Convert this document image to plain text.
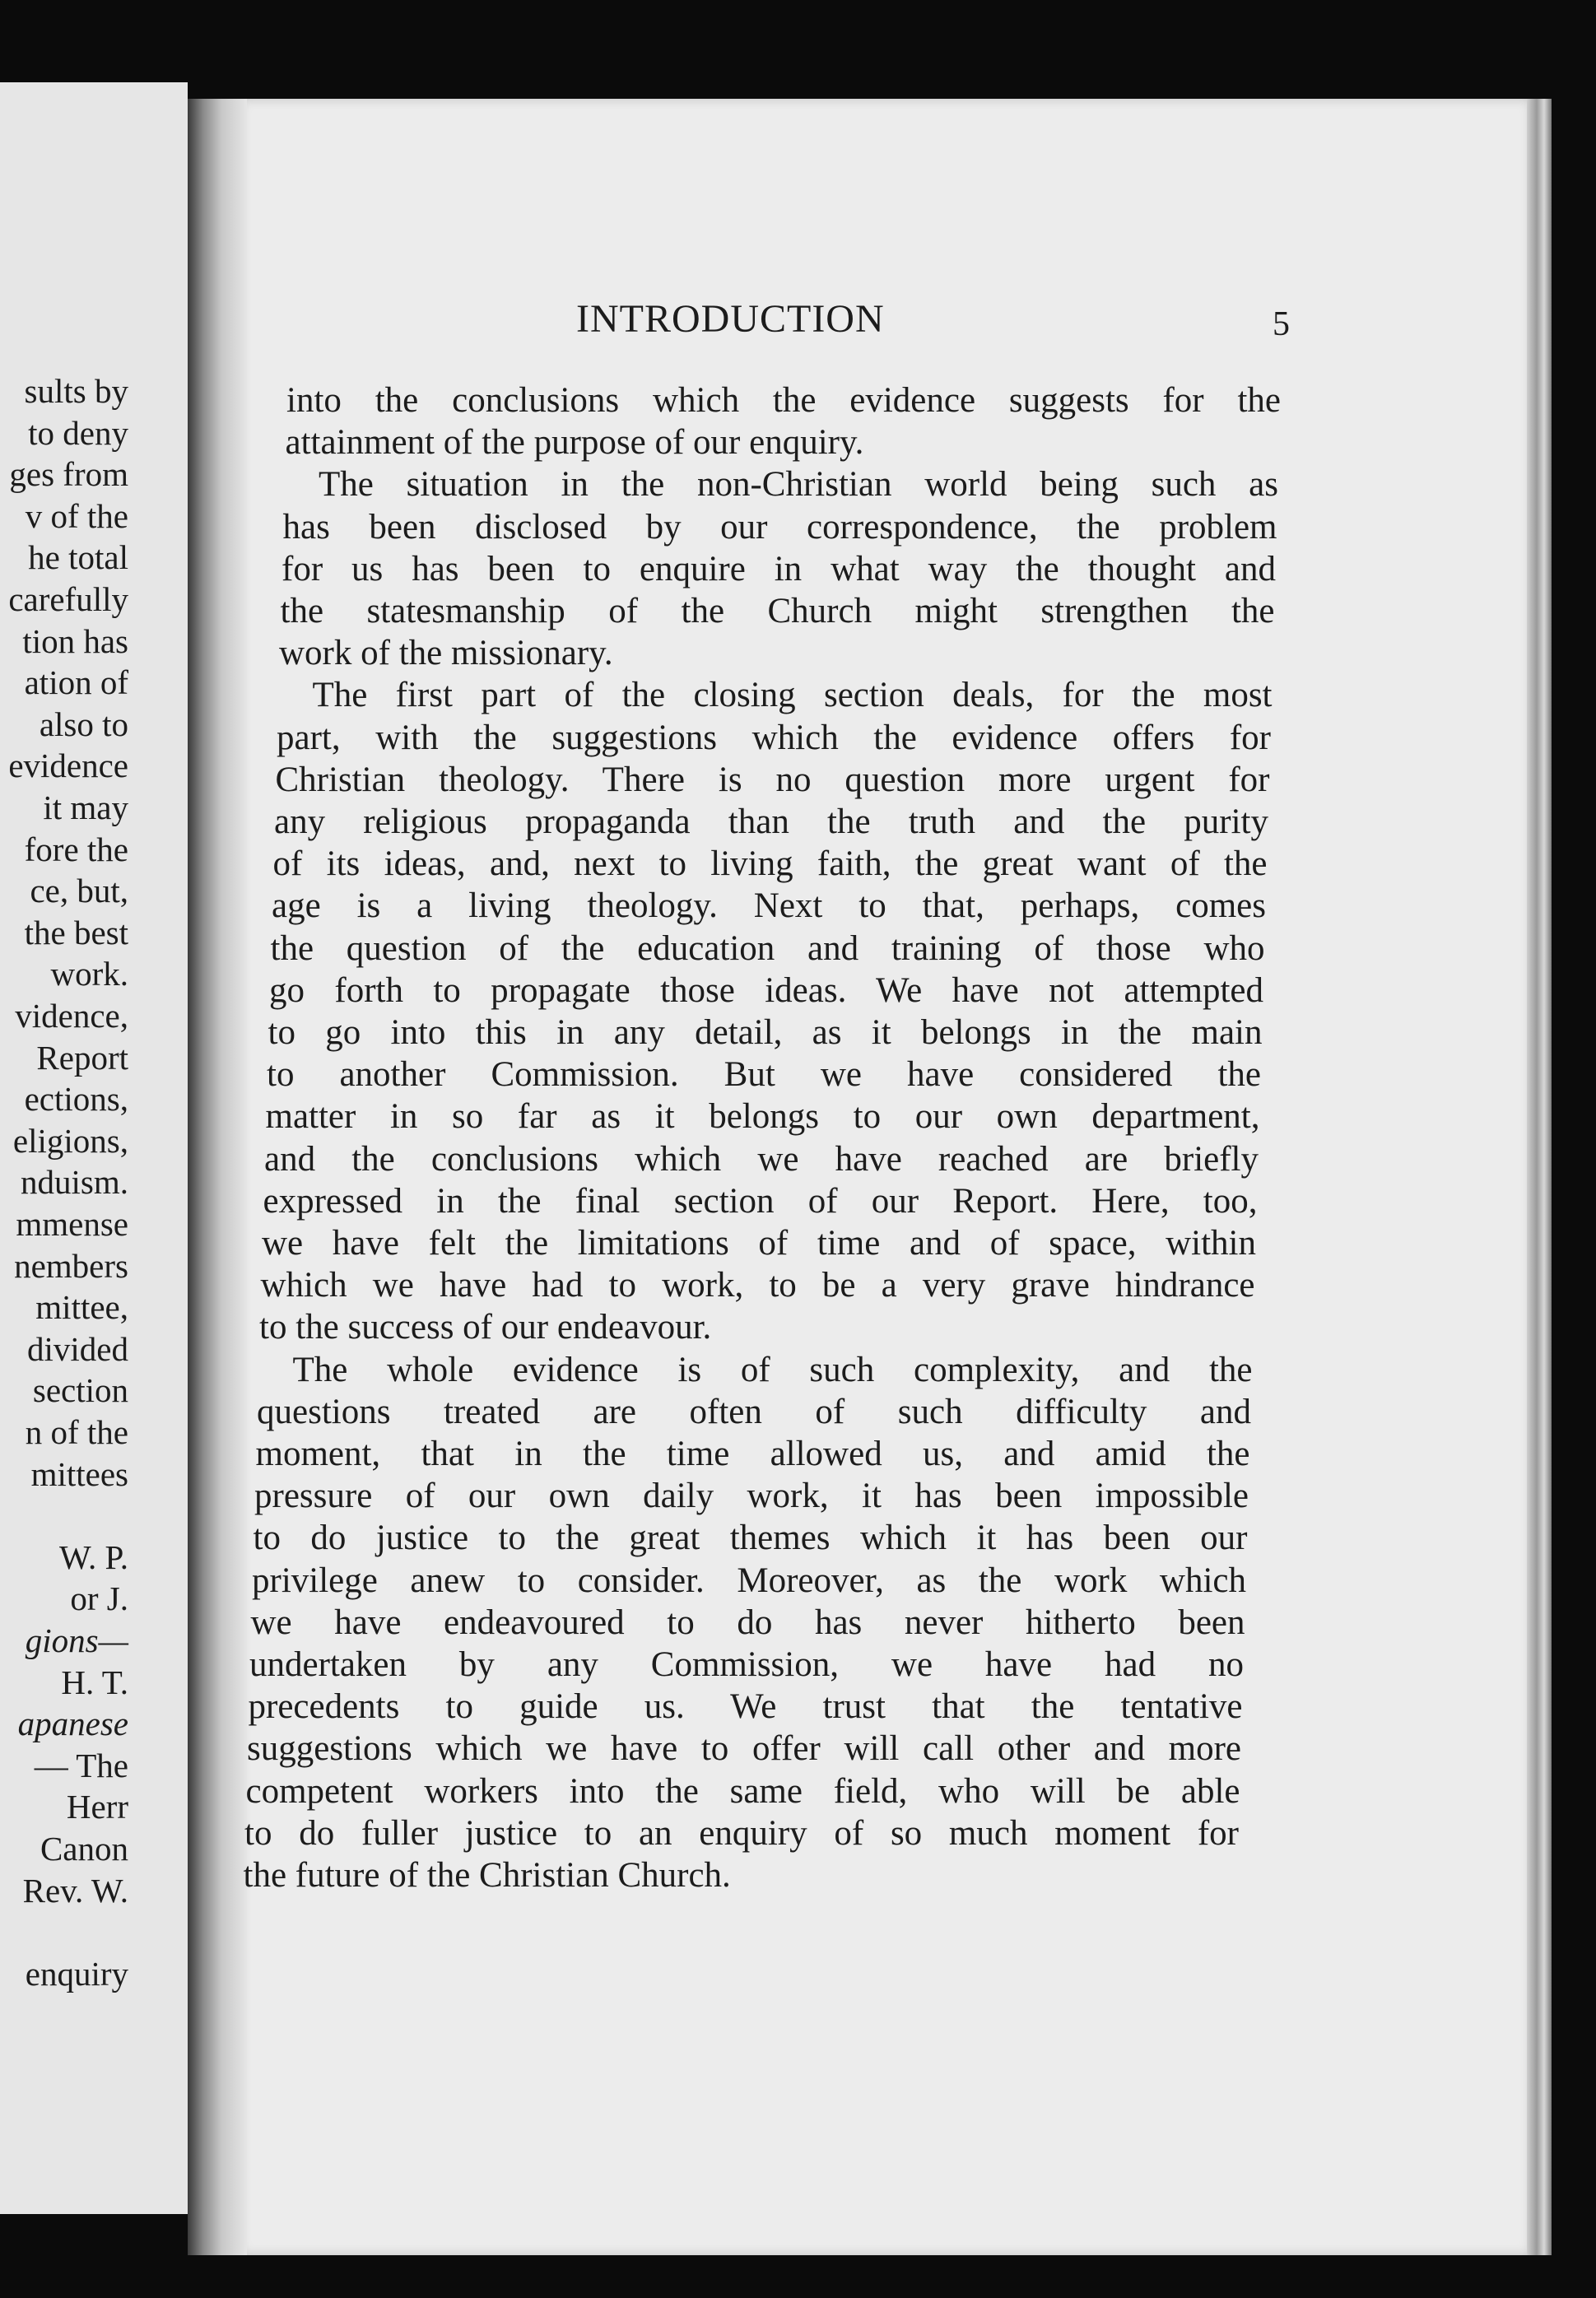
sults by
to deny
ges from
v of the
he total
carefully
tion has
ation of
also to
evidence
it may
fore the
ce, but,
the best
work.
vidence,
Report
ections,
eligions,
nduism.
mmense
nembers
mittee,
divided
section
n of the
mittees
W. P.
or J.
gions—
H. T.
apanese
— The
Herr
Canon
Rev. W.
enquiry
INTRODUCTION	5
into the conclusions which the evidence suggests for the
attainment of the purpose of our enquiry.
The situation in the non-Christian world being such as
has been disclosed by our correspondence, the problem
for us has been to enquire in what way the thought and
the statesmanship of the Church might strengthen the
work of the missionary.
The first part of the closing section deals, for the most
part, with the suggestions which the evidence offers for
Christian theology. There is no question more urgent for
any religious propaganda than the truth and the purity
of its ideas, and, next to living faith, the great want of the
age is a living theology. Next to that, perhaps, comes
the question of the education and training of those who
go forth to propagate those ideas. We have not attempted
to go into this in any detail, as it belongs in the main
to another Commission. But we have considered the
matter in so far as it belongs to our own department,
and the conclusions which we have reached are briefly
expressed in the final section of our Report. Here, too,
we have felt the limitations of time and of space, within
which we have had to work, to be a very grave hindrance
to the success of our endeavour.
The whole evidence is of such complexity, and the
questions treated are often of such difficulty and
moment, that in the time allowed us, and amid the
pressure of our own daily work, it has been impossible
to do justice to the great themes which it has been our
privilege anew to consider. Moreover, as the work which
we have endeavoured to do has never hitherto been
undertaken by any Commission, we have had no
precedents to guide us. We trust that the tentative
suggestions which we have to offer will call other and more
competent workers into the same field, who will be able
to do fuller justice to an enquiry of so much moment for
the future of the Christian Church.
